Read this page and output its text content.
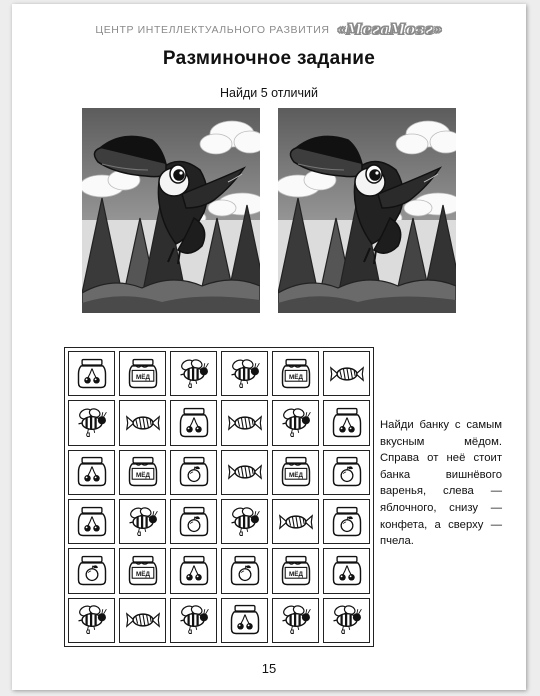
ЦЕНТР ИНТЕЛЛЕКТУАЛЬНОГО РАЗВИТИЯ «МегаМозг»
Разминочное задание
Найди 5 отличий
МЁД	МЁД
МЁД	МЁД
МЁД	МЁД
Найди банку с самым вкусным мёдом. Справа от неё стоит банка вишнёвого варенья, слева — яблочного, снизу — конфета, а сверху — пчела.
15
